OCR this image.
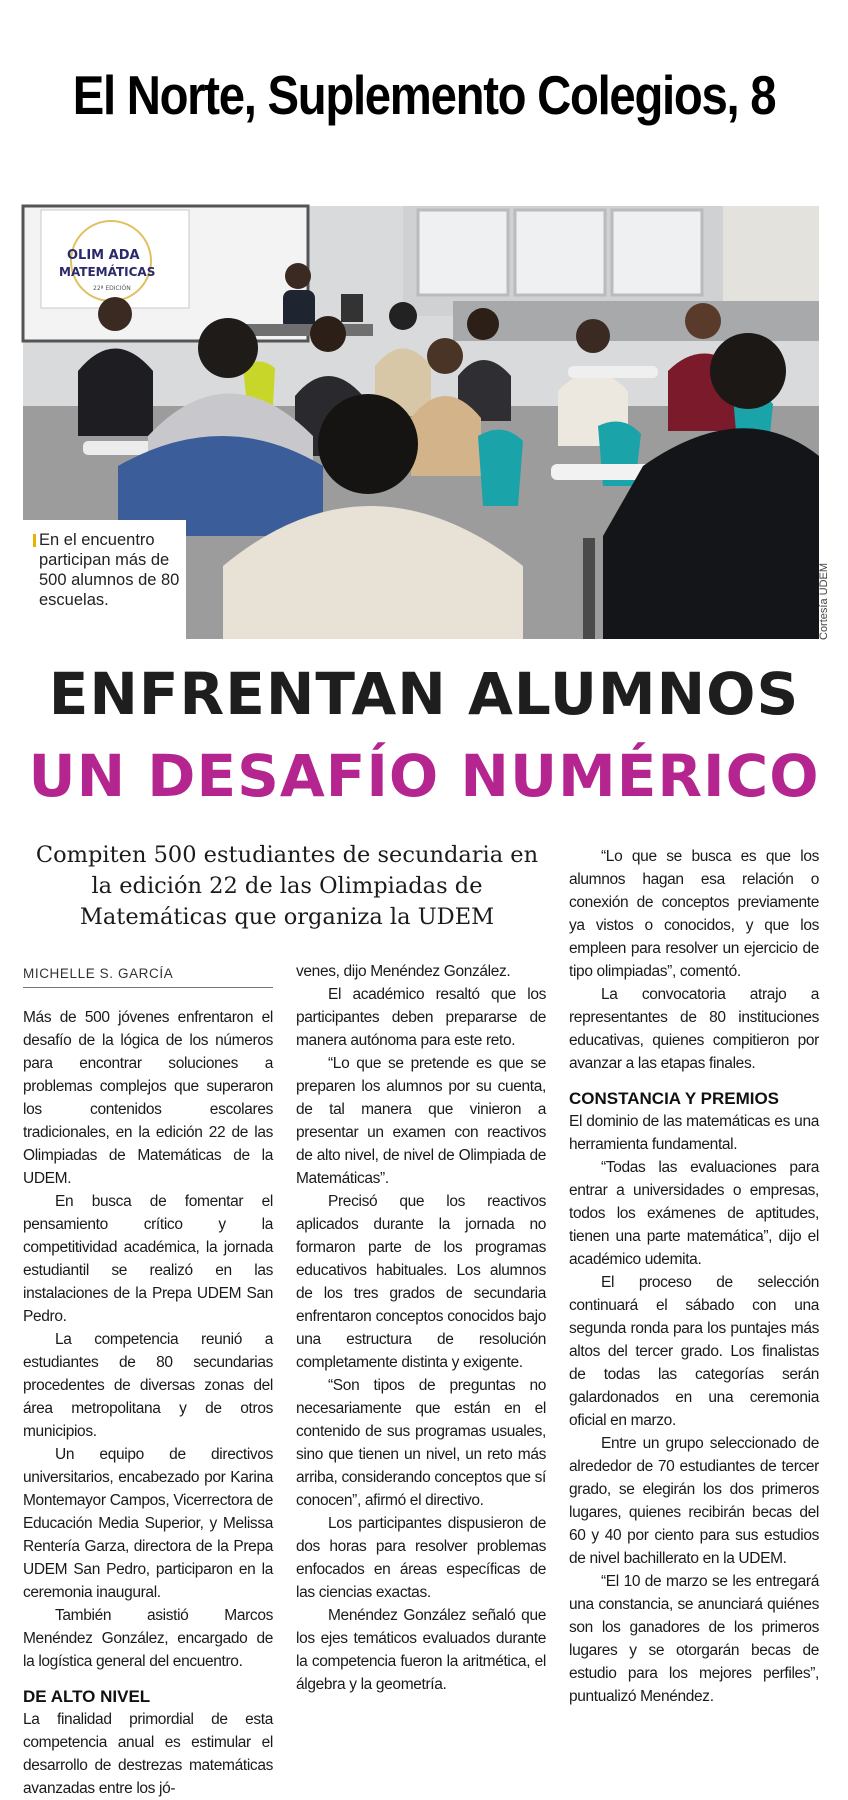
El Norte, Suplemento Colegios, 8
OLIM ADA
MATEMÁTICAS
22ª EDICIÓN
En el encuentro participan más de 500 alumnos de 80 escuelas.	Cortesía UDEM
ENFRENTAN ALUMNOS
UN DESAFÍO NUMÉRICO
Compiten 500 estudiantes de secundaria en la edición 22 de las Olimpiadas de Matemáticas que organiza la UDEM
MICHELLE S. GARCÍA

Más de 500 jóvenes enfrentaron el desafío de la lógica de los números para encontrar soluciones a problemas complejos que superaron los contenidos escolares tradicionales, en la edición 22 de las Olimpiadas de Matemáticas de la UDEM.

En busca de fomentar el pensamiento crítico y la competitividad académica, la jornada estudiantil se realizó en las instalaciones de la Prepa UDEM San Pedro.

La competencia reunió a estudiantes de 80 secundarias procedentes de diversas zonas del área metropolitana y de otros municipios.

Un equipo de directivos universitarios, encabezado por Karina Montemayor Campos, Vicerrectora de Educación Media Superior, y Melissa Rentería Garza, directora de la Prepa UDEM San Pedro, participaron en la ceremonia inaugural.

También asistió Marcos Menéndez González, encargado de la logística general del encuentro.

DE ALTO NIVEL

La finalidad primordial de esta competencia anual es estimular el desarrollo de destrezas matemáticas avanzadas entre los jó-

venes, dijo Menéndez González.

El académico resaltó que los participantes deben prepararse de manera autónoma para este reto.

“Lo que se pretende es que se preparen los alumnos por su cuenta, de tal manera que vinieron a presentar un examen con reactivos de alto nivel, de nivel de Olimpiada de Matemáticas”.

Precisó que los reactivos aplicados durante la jornada no formaron parte de los programas educativos habituales. Los alumnos de los tres grados de secundaria enfrentaron conceptos conocidos bajo una estructura de resolución completamente distinta y exigente.

“Son tipos de preguntas no necesariamente que están en el contenido de sus programas usuales, sino que tienen un nivel, un reto más arriba, considerando conceptos que sí conocen”, afirmó el directivo.

Los participantes dispusieron de dos horas para resolver problemas enfocados en áreas específicas de las ciencias exactas.

Menéndez González señaló que los ejes temáticos evaluados durante la competencia fueron la aritmética, el álgebra y la geometría.

“Lo que se busca es que los alumnos hagan esa relación o conexión de conceptos previamente ya vistos o conocidos, y que los empleen para resolver un ejercicio de tipo olimpiadas”, comentó.

La convocatoria atrajo a representantes de 80 instituciones educativas, quienes compitieron por avanzar a las etapas finales.

CONSTANCIA Y PREMIOS

El dominio de las matemáticas es una herramienta fundamental.

“Todas las evaluaciones para entrar a universidades o empresas, todos los exámenes de aptitudes, tienen una parte matemática”, dijo el académico udemita.

El proceso de selección continuará el sábado con una segunda ronda para los puntajes más altos del tercer grado. Los finalistas de todas las categorías serán galardonados en una ceremonia oficial en marzo.

Entre un grupo seleccionado de alrededor de 70 estudiantes de tercer grado, se elegirán los dos primeros lugares, quienes recibirán becas del 60 y 40 por ciento para sus estudios de nivel bachillerato en la UDEM.

“El 10 de marzo se les entregará una constancia, se anunciará quiénes son los ganadores de los primeros lugares y se otorgarán becas de estudio para los mejores perfiles”, puntualizó Menéndez.
